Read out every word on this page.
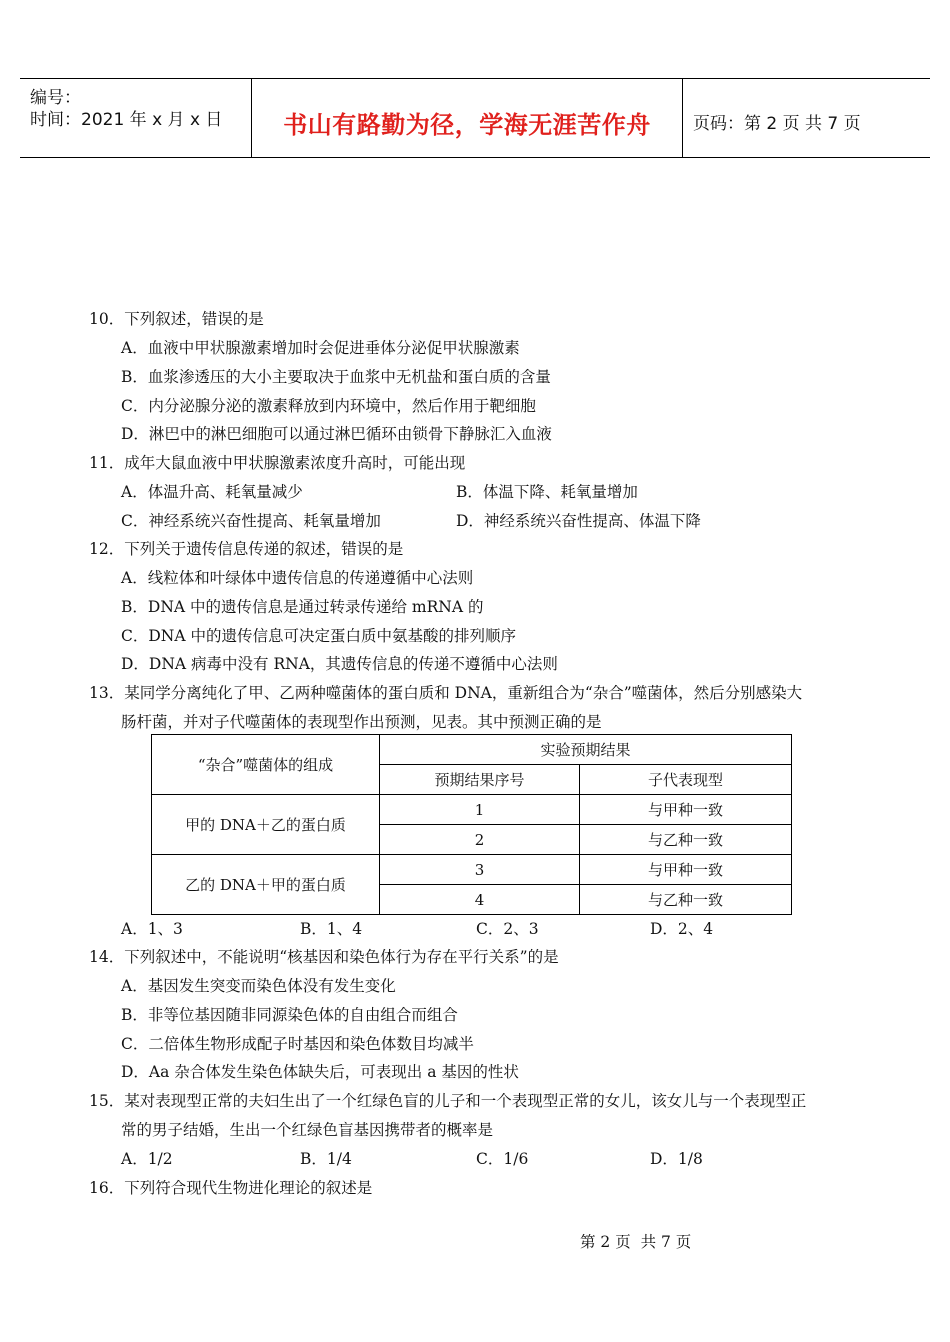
编号：
时间：2021 年 x 月 x 日	书山有路勤为径，学海无涯苦作舟	页码：第 2 页 共 7 页
10．下列叙述，错误的是
A．血液中甲状腺激素增加时会促进垂体分泌促甲状腺激素
B．血浆渗透压的大小主要取决于血浆中无机盐和蛋白质的含量
C．内分泌腺分泌的激素释放到内环境中，然后作用于靶细胞
D．淋巴中的淋巴细胞可以通过淋巴循环由锁骨下静脉汇入血液
11．成年大鼠血液中甲状腺激素浓度升高时，可能出现
A．体温升高、耗氧量减少	B．体温下降、耗氧量增加
C．神经系统兴奋性提高、耗氧量增加	D．神经系统兴奋性提高、体温下降
12．下列关于遗传信息传递的叙述，错误的是
A．线粒体和叶绿体中遗传信息的传递遵循中心法则
B．DNA 中的遗传信息是通过转录传递给 mRNA 的
C．DNA 中的遗传信息可决定蛋白质中氨基酸的排列顺序
D．DNA 病毒中没有 RNA，其遗传信息的传递不遵循中心法则
13．某同学分离纯化了甲、乙两种噬菌体的蛋白质和 DNA，重新组合为“杂合”噬菌体，然后分别感染大
肠杆菌，并对子代噬菌体的表现型作出预测，见表。其中预测正确的是
“杂合”噬菌体的组成	实验预期结果	
	预期结果序号	子代表现型
甲的 DNA＋乙的蛋白质	1	与甲种一致
	2	与乙种一致
乙的 DNA＋甲的蛋白质	3	与甲种一致
	4	与乙种一致
A．1、3	B．1、4	C．2、3	D．2、4
14．下列叙述中，不能说明“核基因和染色体行为存在平行关系”的是
A．基因发生突变而染色体没有发生变化
B．非等位基因随非同源染色体的自由组合而组合
C．二倍体生物形成配子时基因和染色体数目均减半
D．Aa 杂合体发生染色体缺失后，可表现出 a 基因的性状
15．某对表现型正常的夫妇生出了一个红绿色盲的儿子和一个表现型正常的女儿，该女儿与一个表现型正
常的男子结婚，生出一个红绿色盲基因携带者的概率是
A．1/2	B．1/4	C．1/6	D．1/8
16．下列符合现代生物进化理论的叙述是
第 2 页  共 7 页
